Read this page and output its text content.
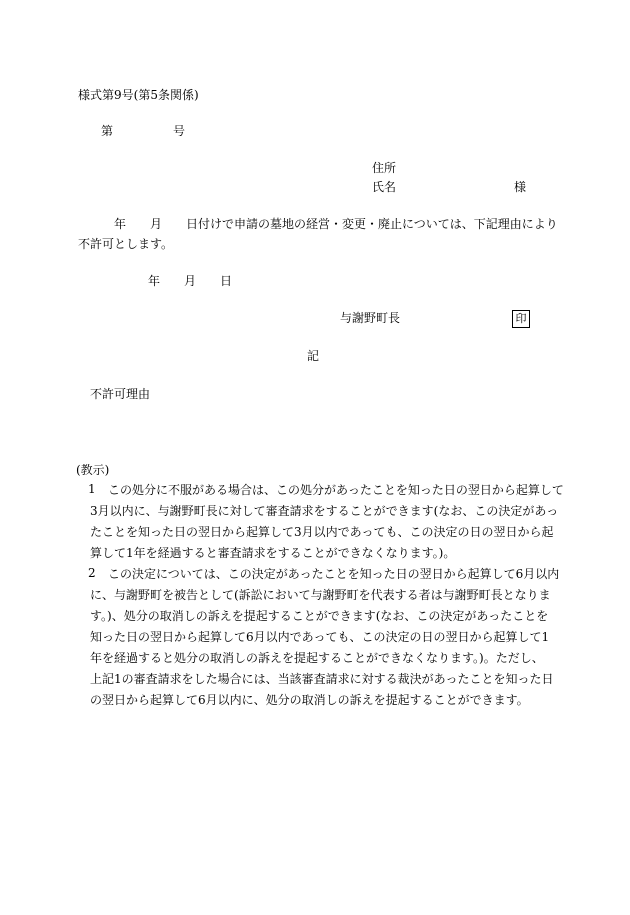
様式第9号(第5条関係)
第	号
住所
氏名	様
年　　月　　日付けで申請の墓地の経営・変更・廃止については、下記理由により
不許可とします。
年 月 日
与謝野町長	印
記
不許可理由
(教示)
1 この処分に不服がある場合は、この処分があったことを知った日の翌日から起算して
3月以内に、与謝野町長に対して審査請求をすることができます(なお、この決定があっ
たことを知った日の翌日から起算して3月以内であっても、この決定の日の翌日から起
算して1年を経過すると審査請求をすることができなくなります。)。
2 この決定については、この決定があったことを知った日の翌日から起算して6月以内
に、与謝野町を被告として(訴訟において与謝野町を代表する者は与謝野町長となりま
す。)、処分の取消しの訴えを提起することができます(なお、この決定があったことを
知った日の翌日から起算して6月以内であっても、この決定の日の翌日から起算して1
年を経過すると処分の取消しの訴えを提起することができなくなります。)。ただし、
上記1の審査請求をした場合には、当該審査請求に対する裁決があったことを知った日
の翌日から起算して6月以内に、処分の取消しの訴えを提起することができます。
